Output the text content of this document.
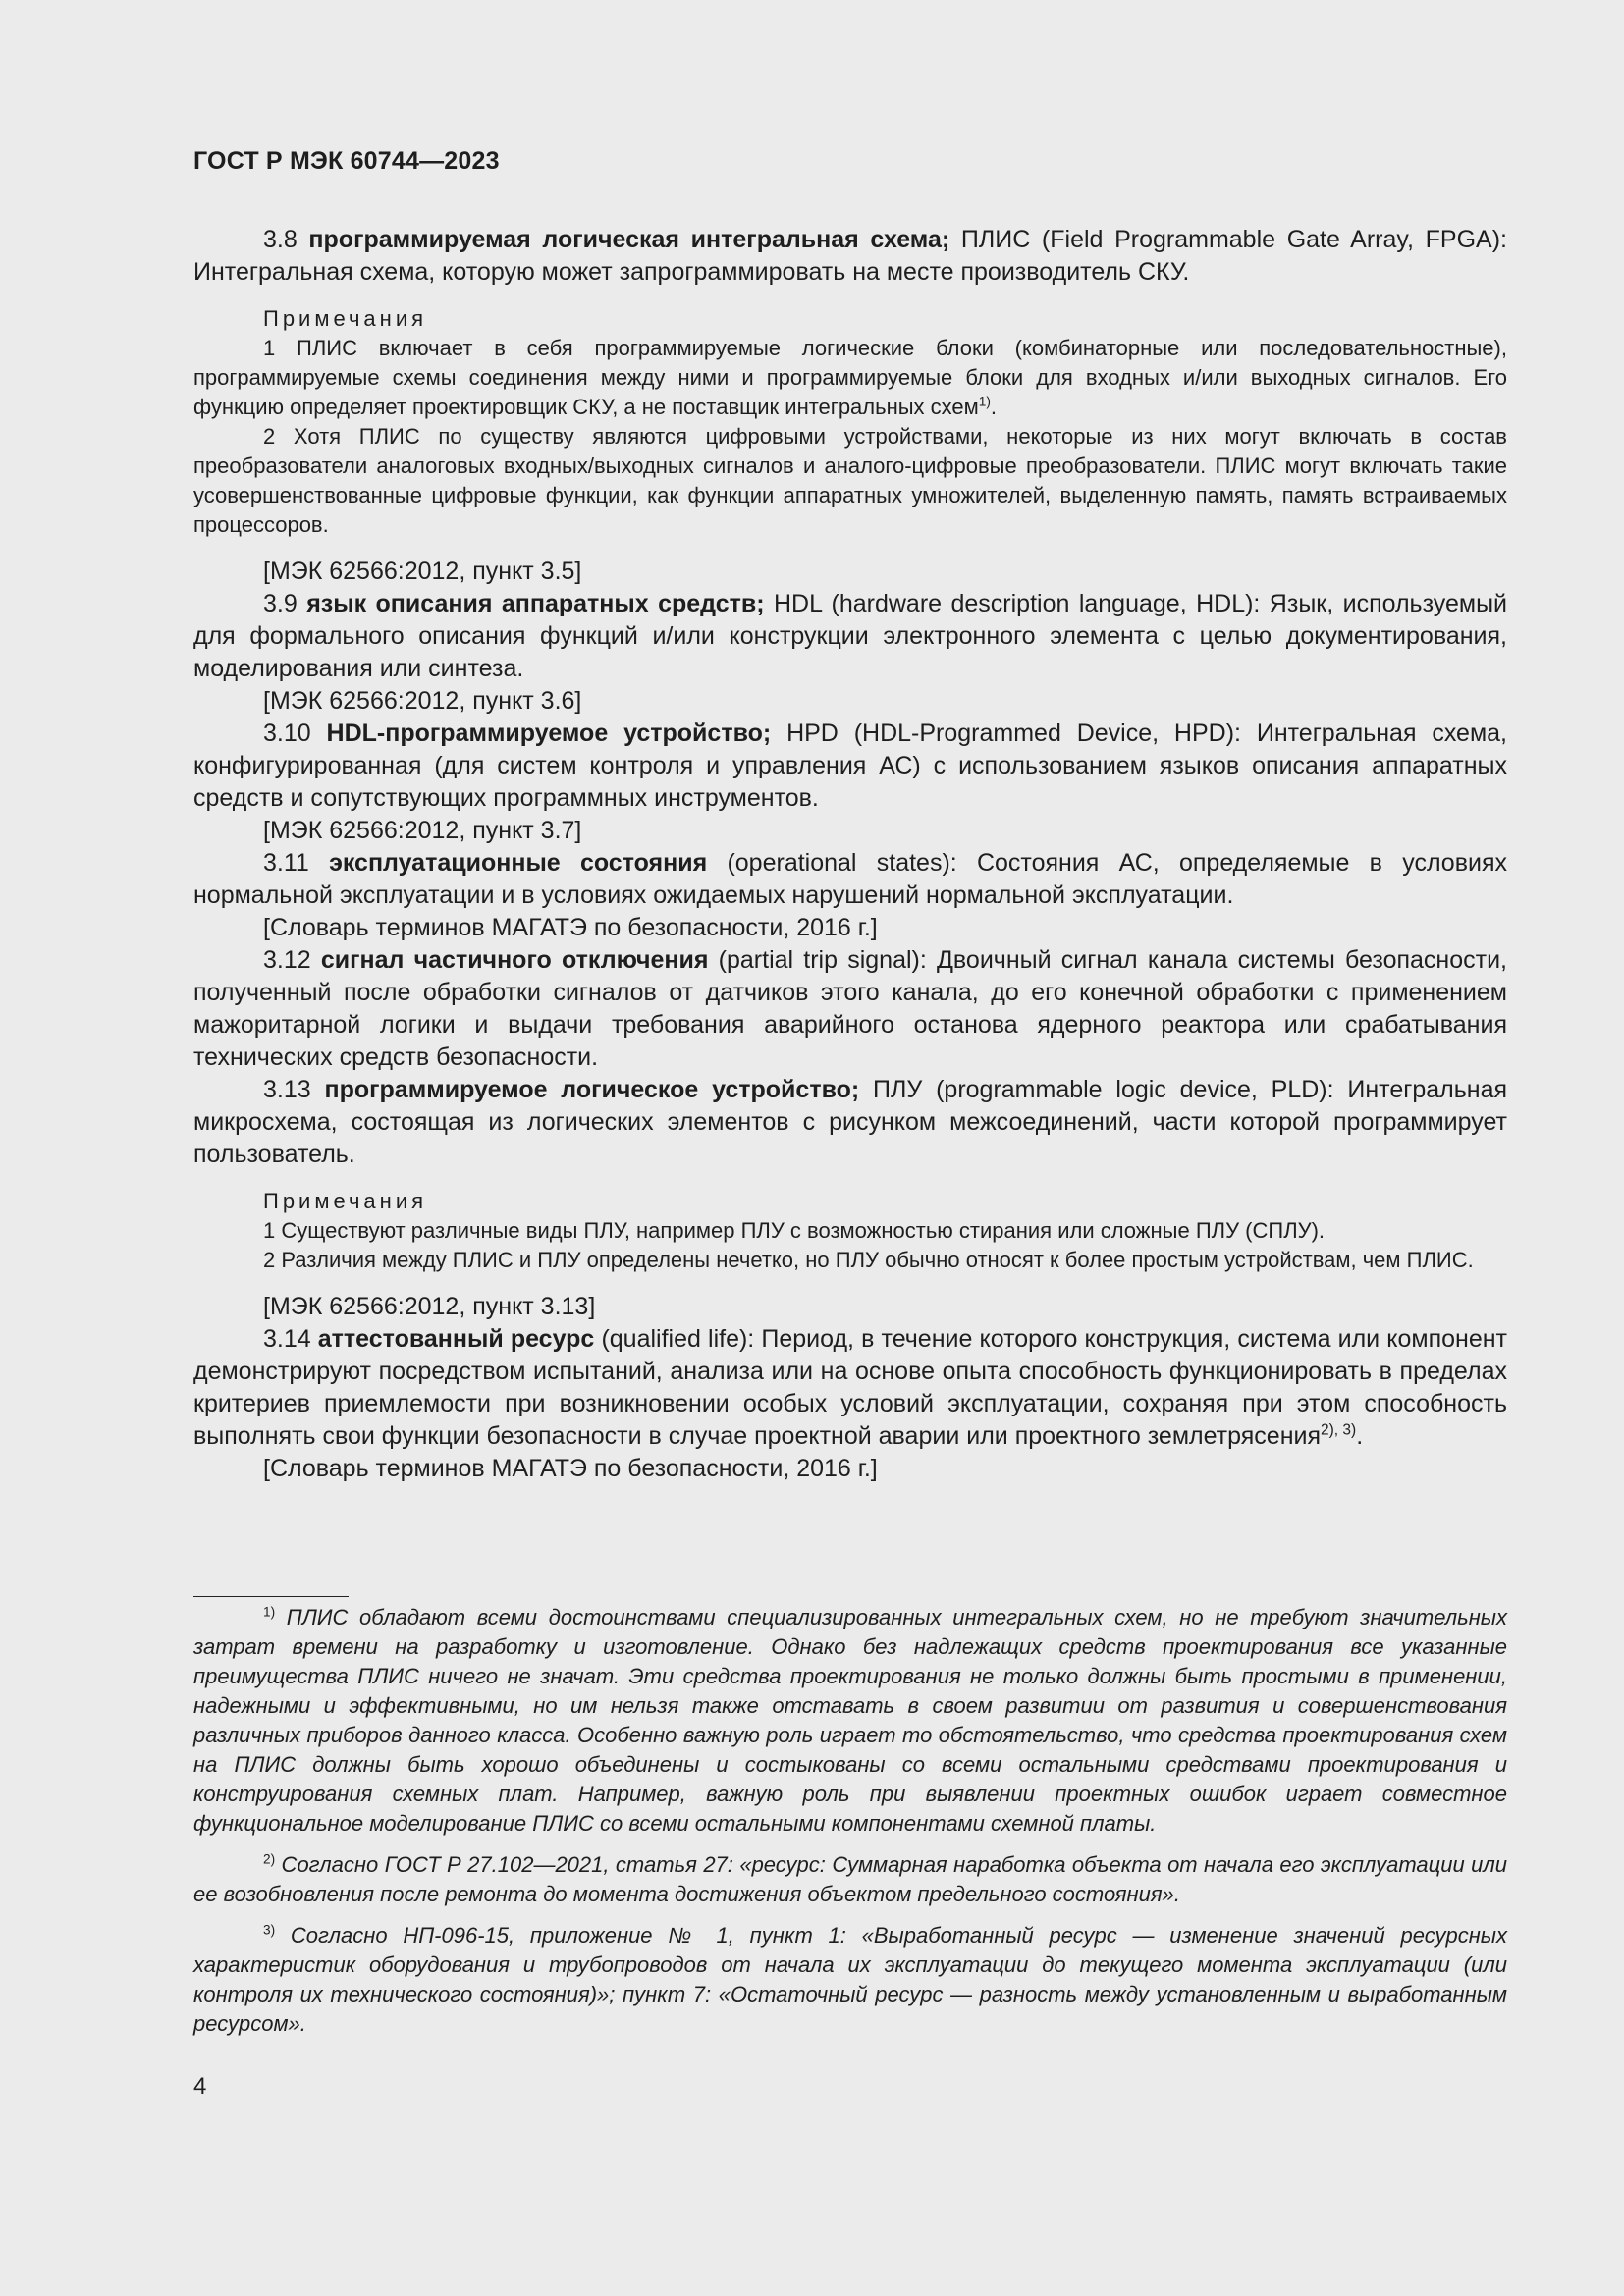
ГОСТ Р МЭК 60744—2023

3.8 программируемая логическая интегральная схема; ПЛИС (Field Programmable Gate Array, FPGA): Интегральная схема, которую может запрограммировать на месте производитель СКУ.

Примечания

1 ПЛИС включает в себя программируемые логические блоки (комбинаторные или последовательностные), программируемые схемы соединения между ними и программируемые блоки для входных и/или выходных сигналов. Его функцию определяет проектировщик СКУ, а не поставщик интегральных схем$^{1)}$.

2 Хотя ПЛИС по существу являются цифровыми устройствами, некоторые из них могут включать в состав преобразователи аналоговых входных/выходных сигналов и аналого-цифровые преобразователи. ПЛИС могут включать такие усовершенствованные цифровые функции, как функции аппаратных умножителей, выделенную память, память встраиваемых процессоров.

[МЭК 62566:2012, пункт 3.5]

3.9 язык описания аппаратных средств; HDL (hardware description language, HDL): Язык, используемый для формального описания функций и/или конструкции электронного элемента с целью документирования, моделирования или синтеза.

[МЭК 62566:2012, пункт 3.6]

3.10 HDL-программируемое устройство; HPD (HDL-Programmed Device, HPD): Интегральная схема, конфигурированная (для систем контроля и управления АС) с использованием языков описания аппаратных средств и сопутствующих программных инструментов.

[МЭК 62566:2012, пункт 3.7]

3.11 эксплуатационные состояния (operational states): Состояния АС, определяемые в условиях нормальной эксплуатации и в условиях ожидаемых нарушений нормальной эксплуатации.

[Словарь терминов МАГАТЭ по безопасности, 2016 г.]

3.12 сигнал частичного отключения (partial trip signal): Двоичный сигнал канала системы безопасности, полученный после обработки сигналов от датчиков этого канала, до его конечной обработки с применением мажоритарной логики и выдачи требования аварийного останова ядерного реактора или срабатывания технических средств безопасности.

3.13 программируемое логическое устройство; ПЛУ (programmable logic device, PLD): Интегральная микросхема, состоящая из логических элементов с рисунком межсоединений, части которой программирует пользователь.

Примечания

1 Существуют различные виды ПЛУ, например ПЛУ с возможностью стирания или сложные ПЛУ (СПЛУ).

2 Различия между ПЛИС и ПЛУ определены нечетко, но ПЛУ обычно относят к более простым устройствам, чем ПЛИС.

[МЭК 62566:2012, пункт 3.13]

3.14 аттестованный ресурс (qualified life): Период, в течение которого конструкция, система или компонент демонстрируют посредством испытаний, анализа или на основе опыта способность функционировать в пределах критериев приемлемости при возникновении особых условий эксплуатации, сохраняя при этом способность выполнять свои функции безопасности в случае проектной аварии или проектного землетрясения$^{2), 3)}$.

[Словарь терминов МАГАТЭ по безопасности, 2016 г.]

$^{1)}$ ПЛИС обладают всеми достоинствами специализированных интегральных схем, но не требуют значительных затрат времени на разработку и изготовление. Однако без надлежащих средств проектирования все указанные преимущества ПЛИС ничего не значат. Эти средства проектирования не только должны быть простыми в применении, надежными и эффективными, но им нельзя также отставать в своем развитии от развития и совершенствования различных приборов данного класса. Особенно важную роль играет то обстоятельство, что средства проектирования схем на ПЛИС должны быть хорошо объединены и состыкованы со всеми остальными средствами проектирования и конструирования схемных плат. Например, важную роль при выявлении проектных ошибок играет совместное функциональное моделирование ПЛИС со всеми остальными компонентами схемной платы.

$^{2)}$ Согласно ГОСТ Р 27.102—2021, статья 27: «ресурс: Суммарная наработка объекта от начала его эксплуатации или ее возобновления после ремонта до момента достижения объектом предельного состояния».

$^{3)}$ Согласно НП-096-15, приложение № 1, пункт 1: «Выработанный ресурс — изменение значений ресурсных характеристик оборудования и трубопроводов от начала их эксплуатации до текущего момента эксплуатации (или контроля их технического состояния)»; пункт 7: «Остаточный ресурс — разность между установленным и выработанным ресурсом».

4
